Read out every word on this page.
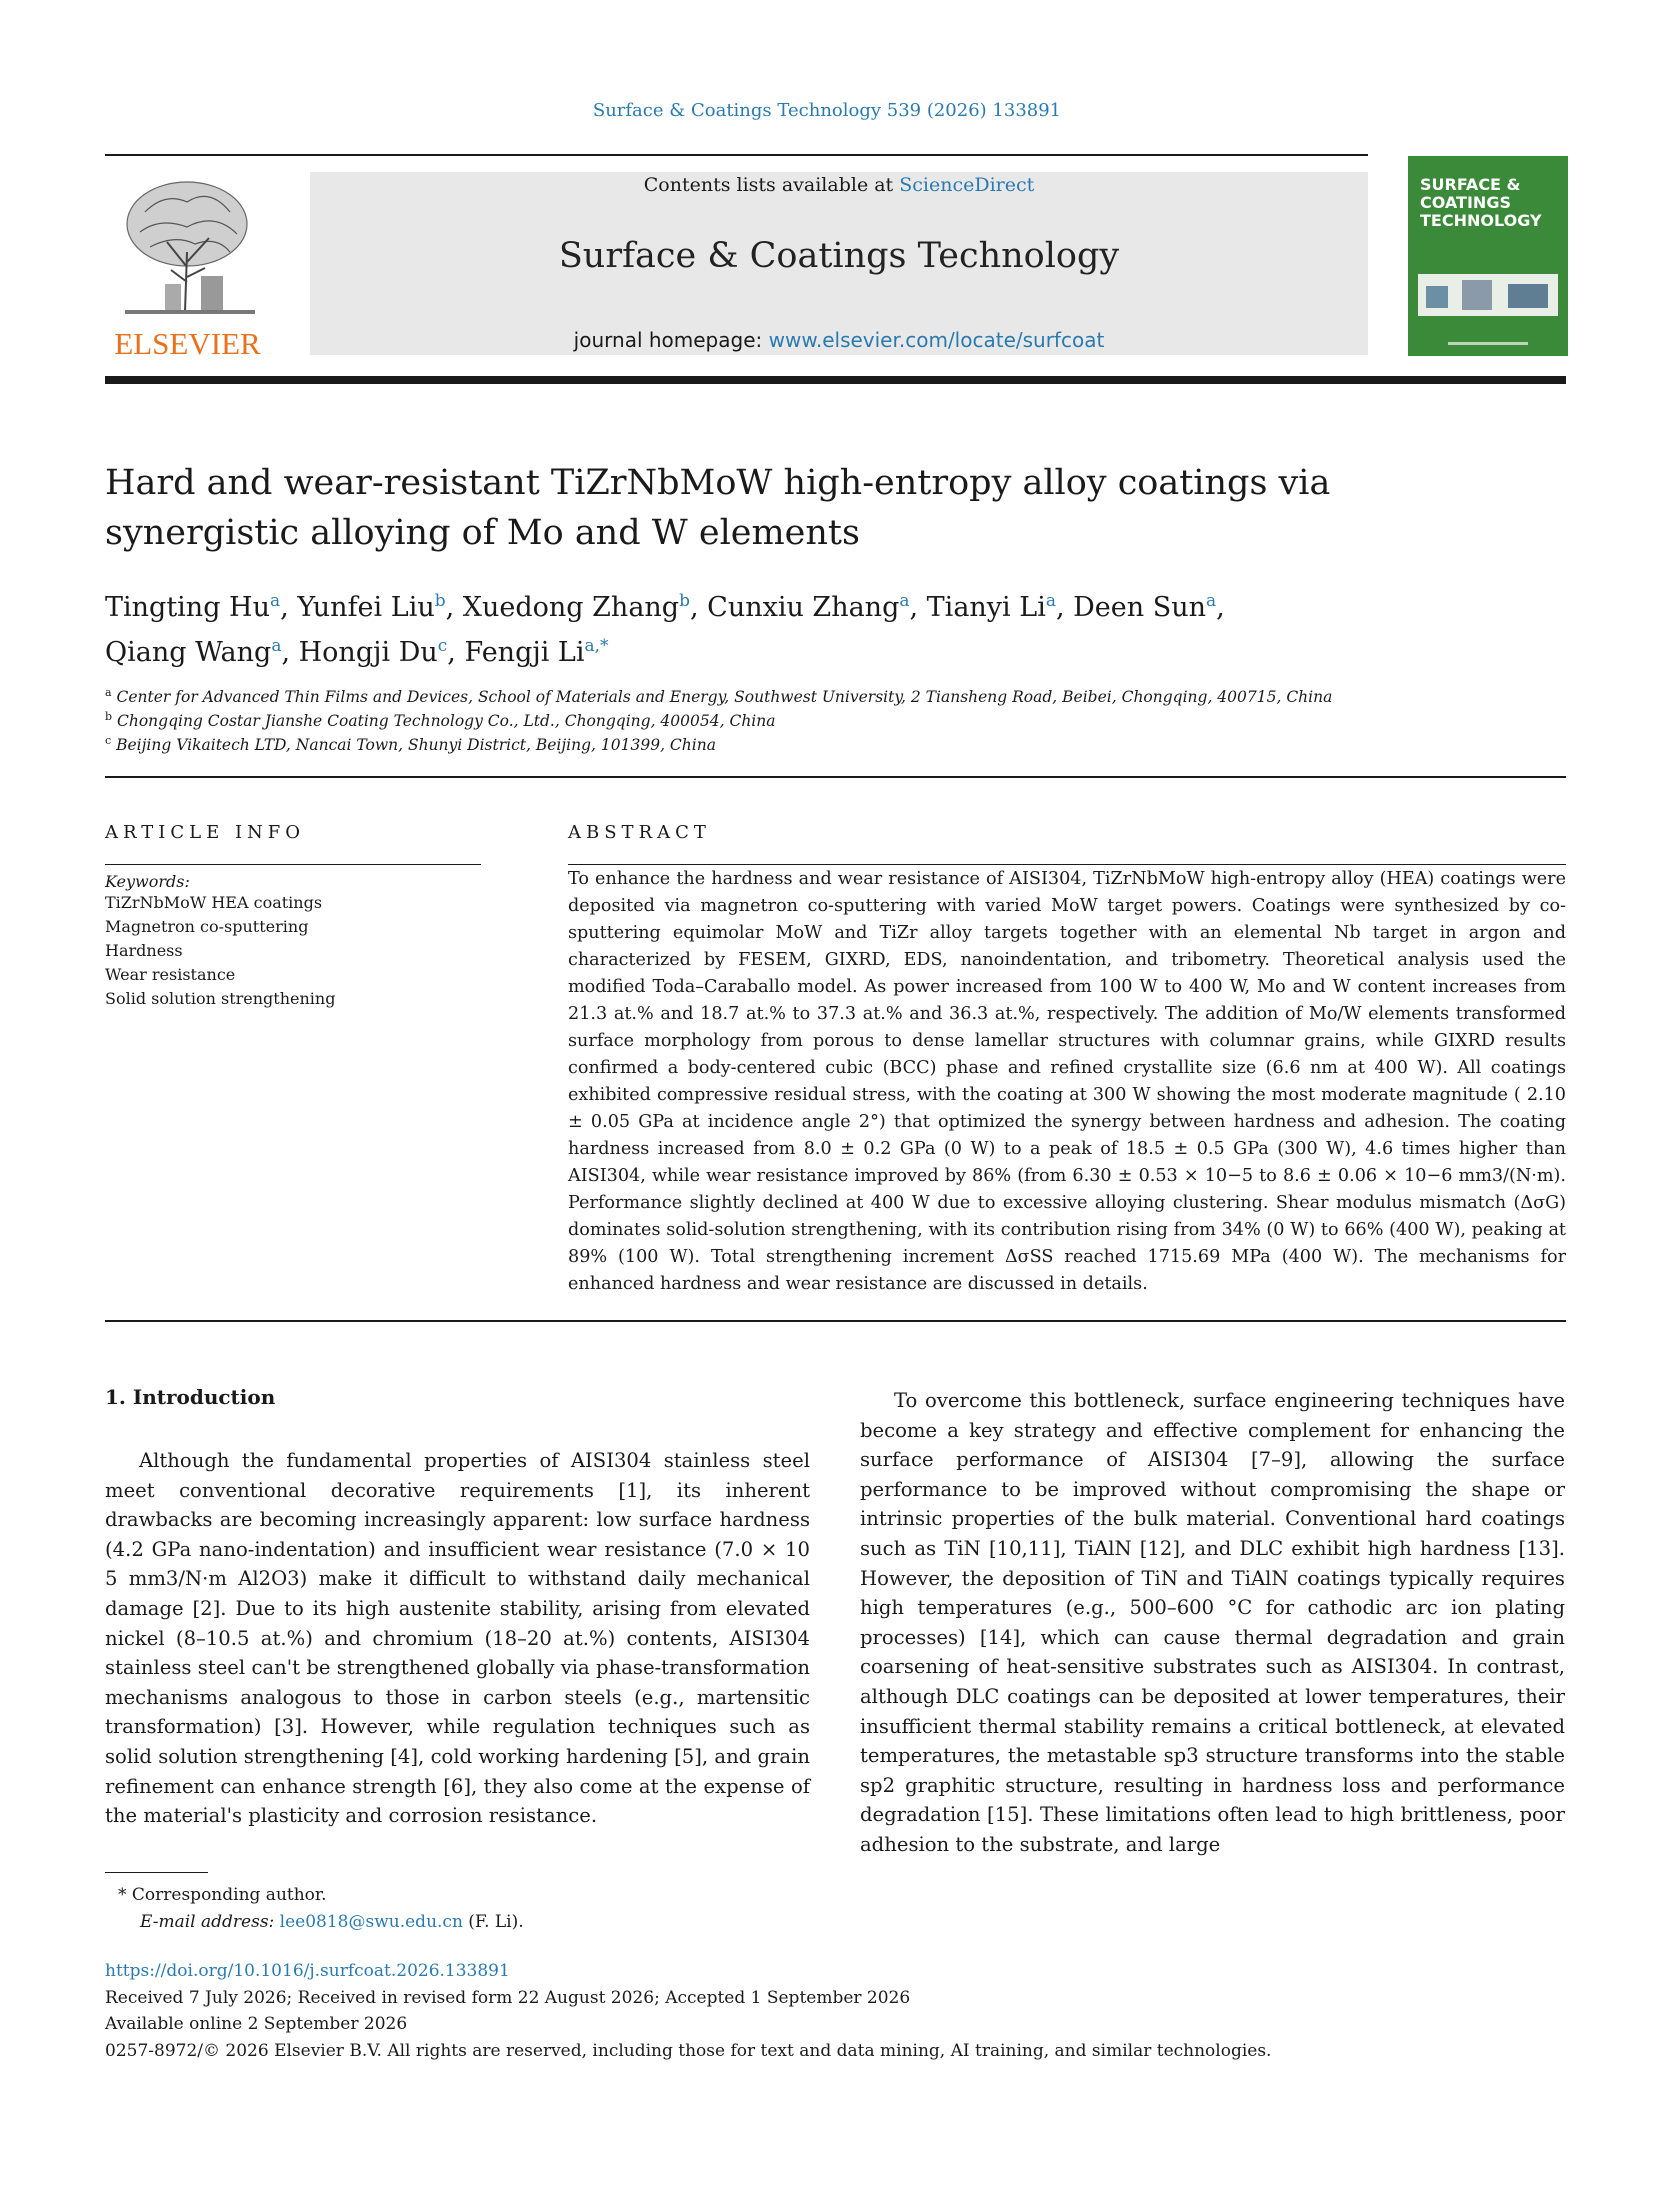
Surface & Coatings Technology 539 (2026) 133891
ELSEVIER
Contents lists available at ScienceDirect
Surface & Coatings Technology
journal homepage: www.elsevier.com/locate/surfcoat
SURFACE & COATINGS TECHNOLOGY
Hard and wear-resistant TiZrNbMoW high-entropy alloy coatings via synergistic alloying of Mo and W elements
Tingting Hu$^a$, Yunfei Liu$^b$, Xuedong Zhang$^b$, Cunxiu Zhang$^a$, Tianyi Li$^a$, Deen Sun$^a$,
Qiang Wang$^a$, Hongji Du$^c$, Fengji $Li^{a,*}$
$^a$ Center for Advanced Thin Films and Devices, School of Materials and Energy, Southwest University, 2 Tiansheng Road, Beibei, Chongqing, 400715, China
$^b$ Chongqing Costar Jianshe Coating Technology Co., Ltd., Chongqing, 400054, China
$^c$ Beijing Vikaitech LTD, Nancai Town, Shunyi District, Beijing, 101399, China
ARTICLE INFO
Keywords:
TiZrNbMoW HEA coatings
Magnetron co-sputtering
Hardness
Wear resistance
Solid solution strengthening
ABSTRACT
To enhance the hardness and wear resistance of AISI304, TiZrNbMoW high-entropy alloy (HEA) coatings were deposited via magnetron co-sputtering with varied MoW target powers. Coatings were synthesized by co-sputtering equimolar MoW and TiZr alloy targets together with an elemental Nb target in argon and characterized by FESEM, GIXRD, EDS, nanoindentation, and tribometry. Theoretical analysis used the modified Toda–Caraballo model. As power increased from 100 W to 400 W, Mo and W content increases from 21.3 at.% and 18.7 at.% to 37.3 at.% and 36.3 at.%, respectively. The addition of Mo/W elements transformed surface morphology from porous to dense lamellar structures with columnar grains, while GIXRD results confirmed a body-centered cubic (BCC) phase and refined crystallite size (6.6 nm at 400 W). All coatings exhibited compressive residual stress, with the coating at 300 W showing the most moderate magnitude ( 2.10 ± 0.05 GPa at incidence angle 2°) that optimized the synergy between hardness and adhesion. The coating hardness increased from 8.0 ± 0.2 GPa (0 W) to a peak of 18.5 ± 0.5 GPa (300 W), 4.6 times higher than AISI304, while wear resistance improved by 86% (from 6.30 ± 0.53 × 10−5 to 8.6 ± 0.06 × 10−6 mm3/(N·m). Performance slightly declined at 400 W due to excessive alloying clustering. Shear modulus mismatch (ΔσG) dominates solid-solution strengthening, with its contribution rising from 34% (0 W) to 66% (400 W), peaking at 89% (100 W). Total strengthening increment ΔσSS reached 1715.69 MPa (400 W). The mechanisms for enhanced hardness and wear resistance are discussed in details.
1. Introduction

Although the fundamental properties of AISI304 stainless steel meet conventional decorative requirements [1], its inherent drawbacks are becoming increasingly apparent: low surface hardness (4.2 GPa nano-indentation) and insufficient wear resistance (7.0 × 10 5 mm3/N·m Al2O3) make it difficult to withstand daily mechanical damage [2]. Due to its high austenite stability, arising from elevated nickel (8–10.5 at.%) and chromium (18–20 at.%) contents, AISI304 stainless steel can't be strengthened globally via phase-transformation mechanisms analogous to those in carbon steels (e.g., martensitic transformation) [3]. However, while regulation techniques such as solid solution strengthening [4], cold working hardening [5], and grain refinement can enhance strength [6], they also come at the expense of the material's plasticity and corrosion resistance.

To overcome this bottleneck, surface engineering techniques have become a key strategy and effective complement for enhancing the surface performance of AISI304 [7–9], allowing the surface performance to be improved without compromising the shape or intrinsic properties of the bulk material. Conventional hard coatings such as TiN [10,11], TiAlN [12], and DLC exhibit high hardness [13]. However, the deposition of TiN and TiAlN coatings typically requires high temperatures (e.g., 500–600 °C for cathodic arc ion plating processes) [14], which can cause thermal degradation and grain coarsening of heat-sensitive substrates such as AISI304. In contrast, although DLC coatings can be deposited at lower temperatures, their insufficient thermal stability remains a critical bottleneck, at elevated temperatures, the metastable sp3 structure transforms into the stable sp2 graphitic structure, resulting in hardness loss and performance degradation [15]. These limitations often lead to high brittleness, poor adhesion to the substrate, and large

* Corresponding author.
E-mail address: lee0818@swu.edu.cn (F. Li).
https://doi.org/10.1016/j.surfcoat.2026.133891
Received 7 July 2026; Received in revised form 22 August 2026; Accepted 1 September 2026
Available online 2 September 2026
0257-8972/© 2026 Elsevier B.V. All rights are reserved, including those for text and data mining, AI training, and similar technologies.
